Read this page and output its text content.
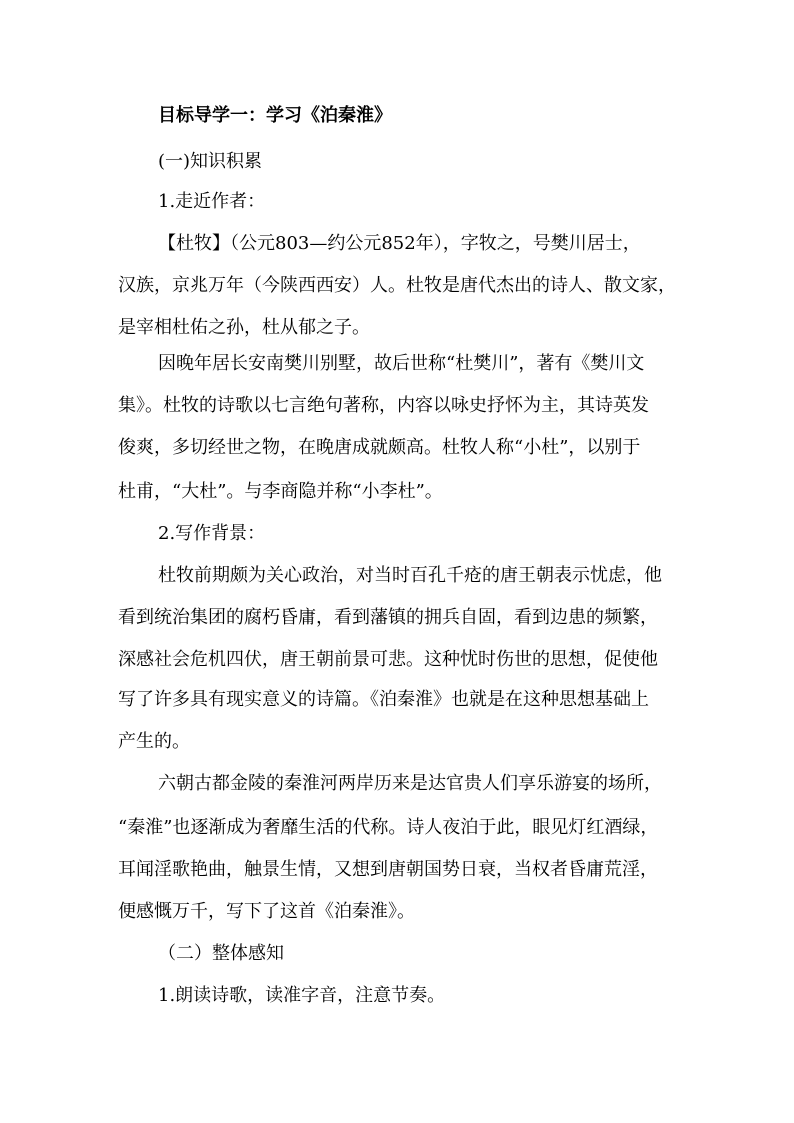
目标导学一：学习《泊秦淮》
(一)知识积累
1.走近作者：
【杜牧】（公元803—约公元852年），字牧之，号樊川居士，
汉族，京兆万年（今陕西西安）人。杜牧是唐代杰出的诗人、散文家，
是宰相杜佑之孙，杜从郁之子。
因晚年居长安南樊川别墅，故后世称“杜樊川”，著有《樊川文
集》。杜牧的诗歌以七言绝句著称，内容以咏史抒怀为主，其诗英发
俊爽，多切经世之物，在晚唐成就颇高。杜牧人称“小杜”，以别于
杜甫，“大杜”。与李商隐并称“小李杜”。
2.写作背景：
杜牧前期颇为关心政治，对当时百孔千疮的唐王朝表示忧虑，他
看到统治集团的腐朽昏庸，看到藩镇的拥兵自固，看到边患的频繁，
深感社会危机四伏，唐王朝前景可悲。这种忧时伤世的思想，促使他
写了许多具有现实意义的诗篇。《泊秦淮》也就是在这种思想基础上
产生的。
六朝古都金陵的秦淮河两岸历来是达官贵人们享乐游宴的场所，
“秦淮”也逐渐成为奢靡生活的代称。诗人夜泊于此，眼见灯红酒绿，
耳闻淫歌艳曲，触景生情，又想到唐朝国势日衰，当权者昏庸荒淫，
便感慨万千，写下了这首《泊秦淮》。
（二）整体感知
1.朗读诗歌，读准字音，注意节奏。
